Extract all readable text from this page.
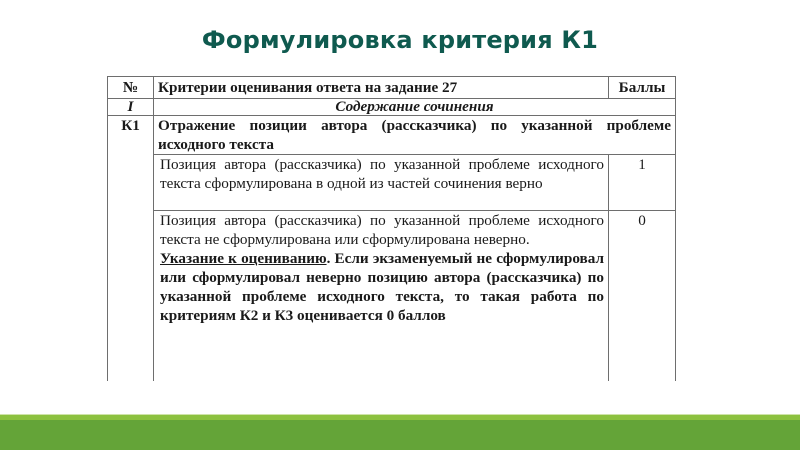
Формулировка критерия К1
№	Критерии оценивания ответа на задание 27	Баллы
I	Содержание сочинения	
К1	Отражение позиции автора (рассказчика) по указанной проблеме исходного текста	
	Позиция автора (рассказчика) по указанной проблеме исходного текста сформулирована в одной из частей сочинения верно	1

	Позиция автора (рассказчика) по указанной проблеме исходного текста не сформулирована или сформулирована неверно.
Указание к оцениванию. Если экзаменуемый не сформулировал или сформулировал неверно позицию автора (рассказчика) по указанной проблеме исходного текста, то такая работа по критериям К2 и К3 оценивается 0 баллов	0
